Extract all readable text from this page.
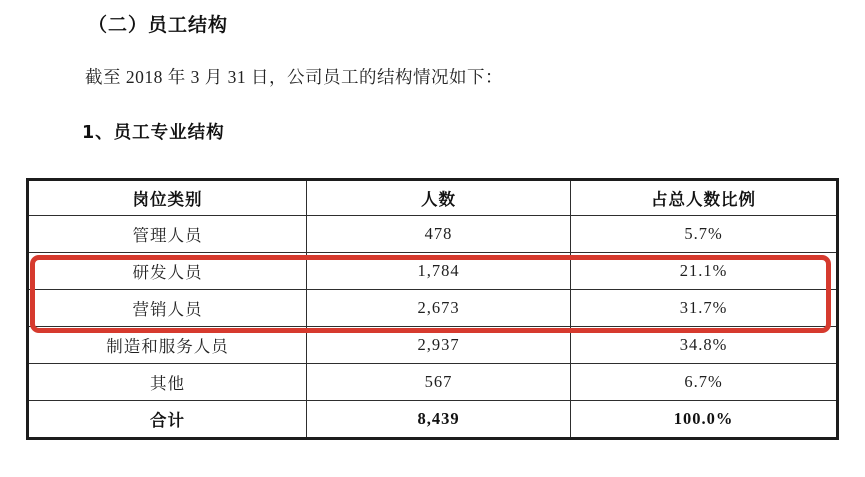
（二）员工结构
截至 2018 年 3 月 31 日，公司员工的结构情况如下：
1、员工专业结构
岗位类别	人数	占总人数比例
管理人员	478	5.7%
研发人员	1,784	21.1%
营销人员	2,673	31.7%
制造和服务人员	2,937	34.8%
其他	567	6.7%
合计	8,439	100.0%
